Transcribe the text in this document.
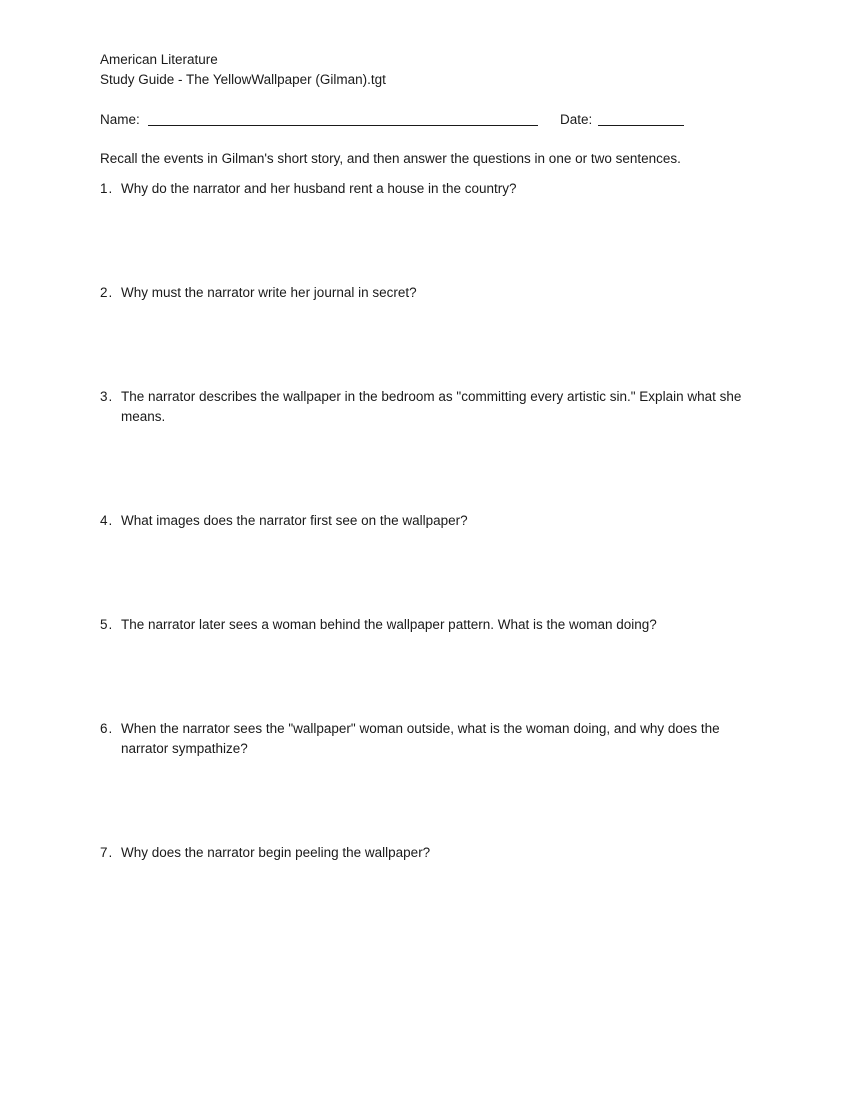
American Literature
Study Guide - The YellowWallpaper (Gilman).tgt
Name:	Date:
Recall the events in Gilman's short story, and then answer the questions in one or two sentences.
1. Why do the narrator and her husband rent a house in the country?
2. Why must the narrator write her journal in secret?
3. The narrator describes the wallpaper in the bedroom as "committing every artistic sin." Explain what she means.
4. What images does the narrator first see on the wallpaper?
5. The narrator later sees a woman behind the wallpaper pattern. What is the woman doing?
6. When the narrator sees the "wallpaper" woman outside, what is the woman doing, and why does the narrator sympathize?
7. Why does the narrator begin peeling the wallpaper?
